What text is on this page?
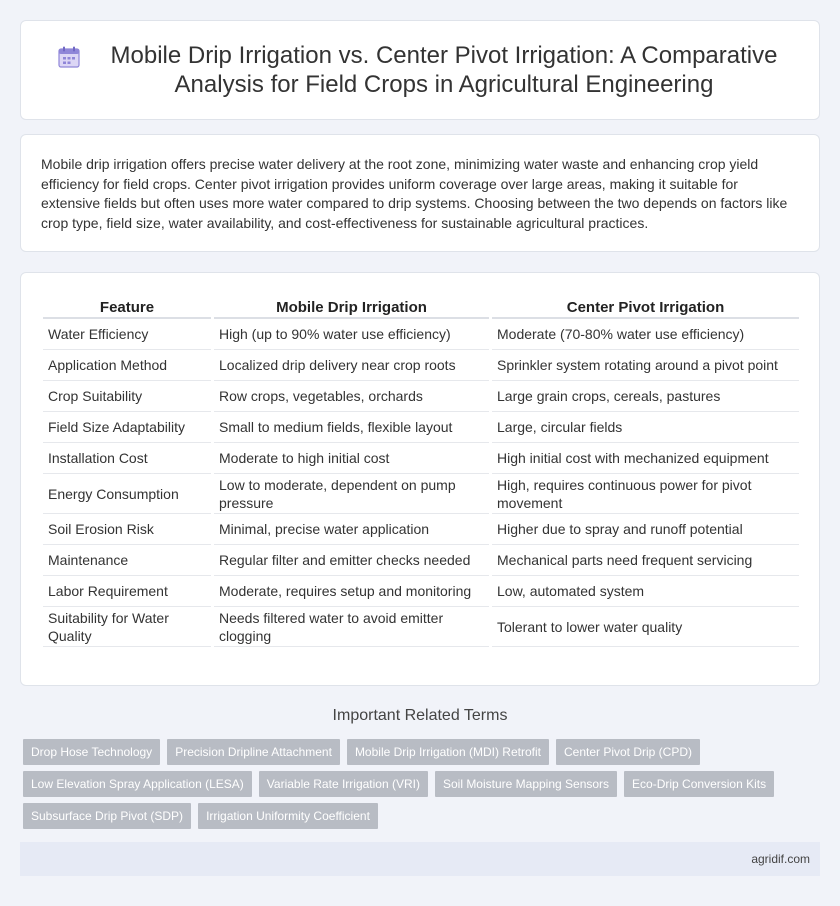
Mobile Drip Irrigation vs. Center Pivot Irrigation: A Comparative Analysis for Field Crops in Agricultural Engineering

Mobile drip irrigation offers precise water delivery at the root zone, minimizing water waste and enhancing crop yield efficiency for field crops. Center pivot irrigation provides uniform coverage over large areas, making it suitable for extensive fields but often uses more water compared to drip systems. Choosing between the two depends on factors like crop type, field size, water availability, and cost-effectiveness for sustainable agricultural practices.

Feature		Mobile Drip Irrigation		Center Pivot Irrigation
Water Efficiency		High (up to 90% water use efficiency)		Moderate (70-80% water use efficiency)
Application Method		Localized drip delivery near crop roots		Sprinkler system rotating around a pivot point
Crop Suitability		Row crops, vegetables, orchards		Large grain crops, cereals, pastures
Field Size Adaptability		Small to medium fields, flexible layout		Large, circular fields
Installation Cost		Moderate to high initial cost		High initial cost with mechanized equipment
Energy Consumption		Low to moderate, dependent on pump pressure		High, requires continuous power for pivot movement
Soil Erosion Risk		Minimal, precise water application		Higher due to spray and runoff potential
Maintenance		Regular filter and emitter checks needed		Mechanical parts need frequent servicing
Labor Requirement		Moderate, requires setup and monitoring		Low, automated system
Suitability for Water Quality		Needs filtered water to avoid emitter clogging		Tolerant to lower water quality
Important Related Terms
Drop Hose Technology	Precision Dripline Attachment	Mobile Drip Irrigation (MDI) Retrofit	Center Pivot Drip (CPD)
Low Elevation Spray Application (LESA)	Variable Rate Irrigation (VRI)	Soil Moisture Mapping Sensors	Eco-Drip Conversion Kits
Subsurface Drip Pivot (SDP)	Irrigation Uniformity Coefficient
agridif.com
